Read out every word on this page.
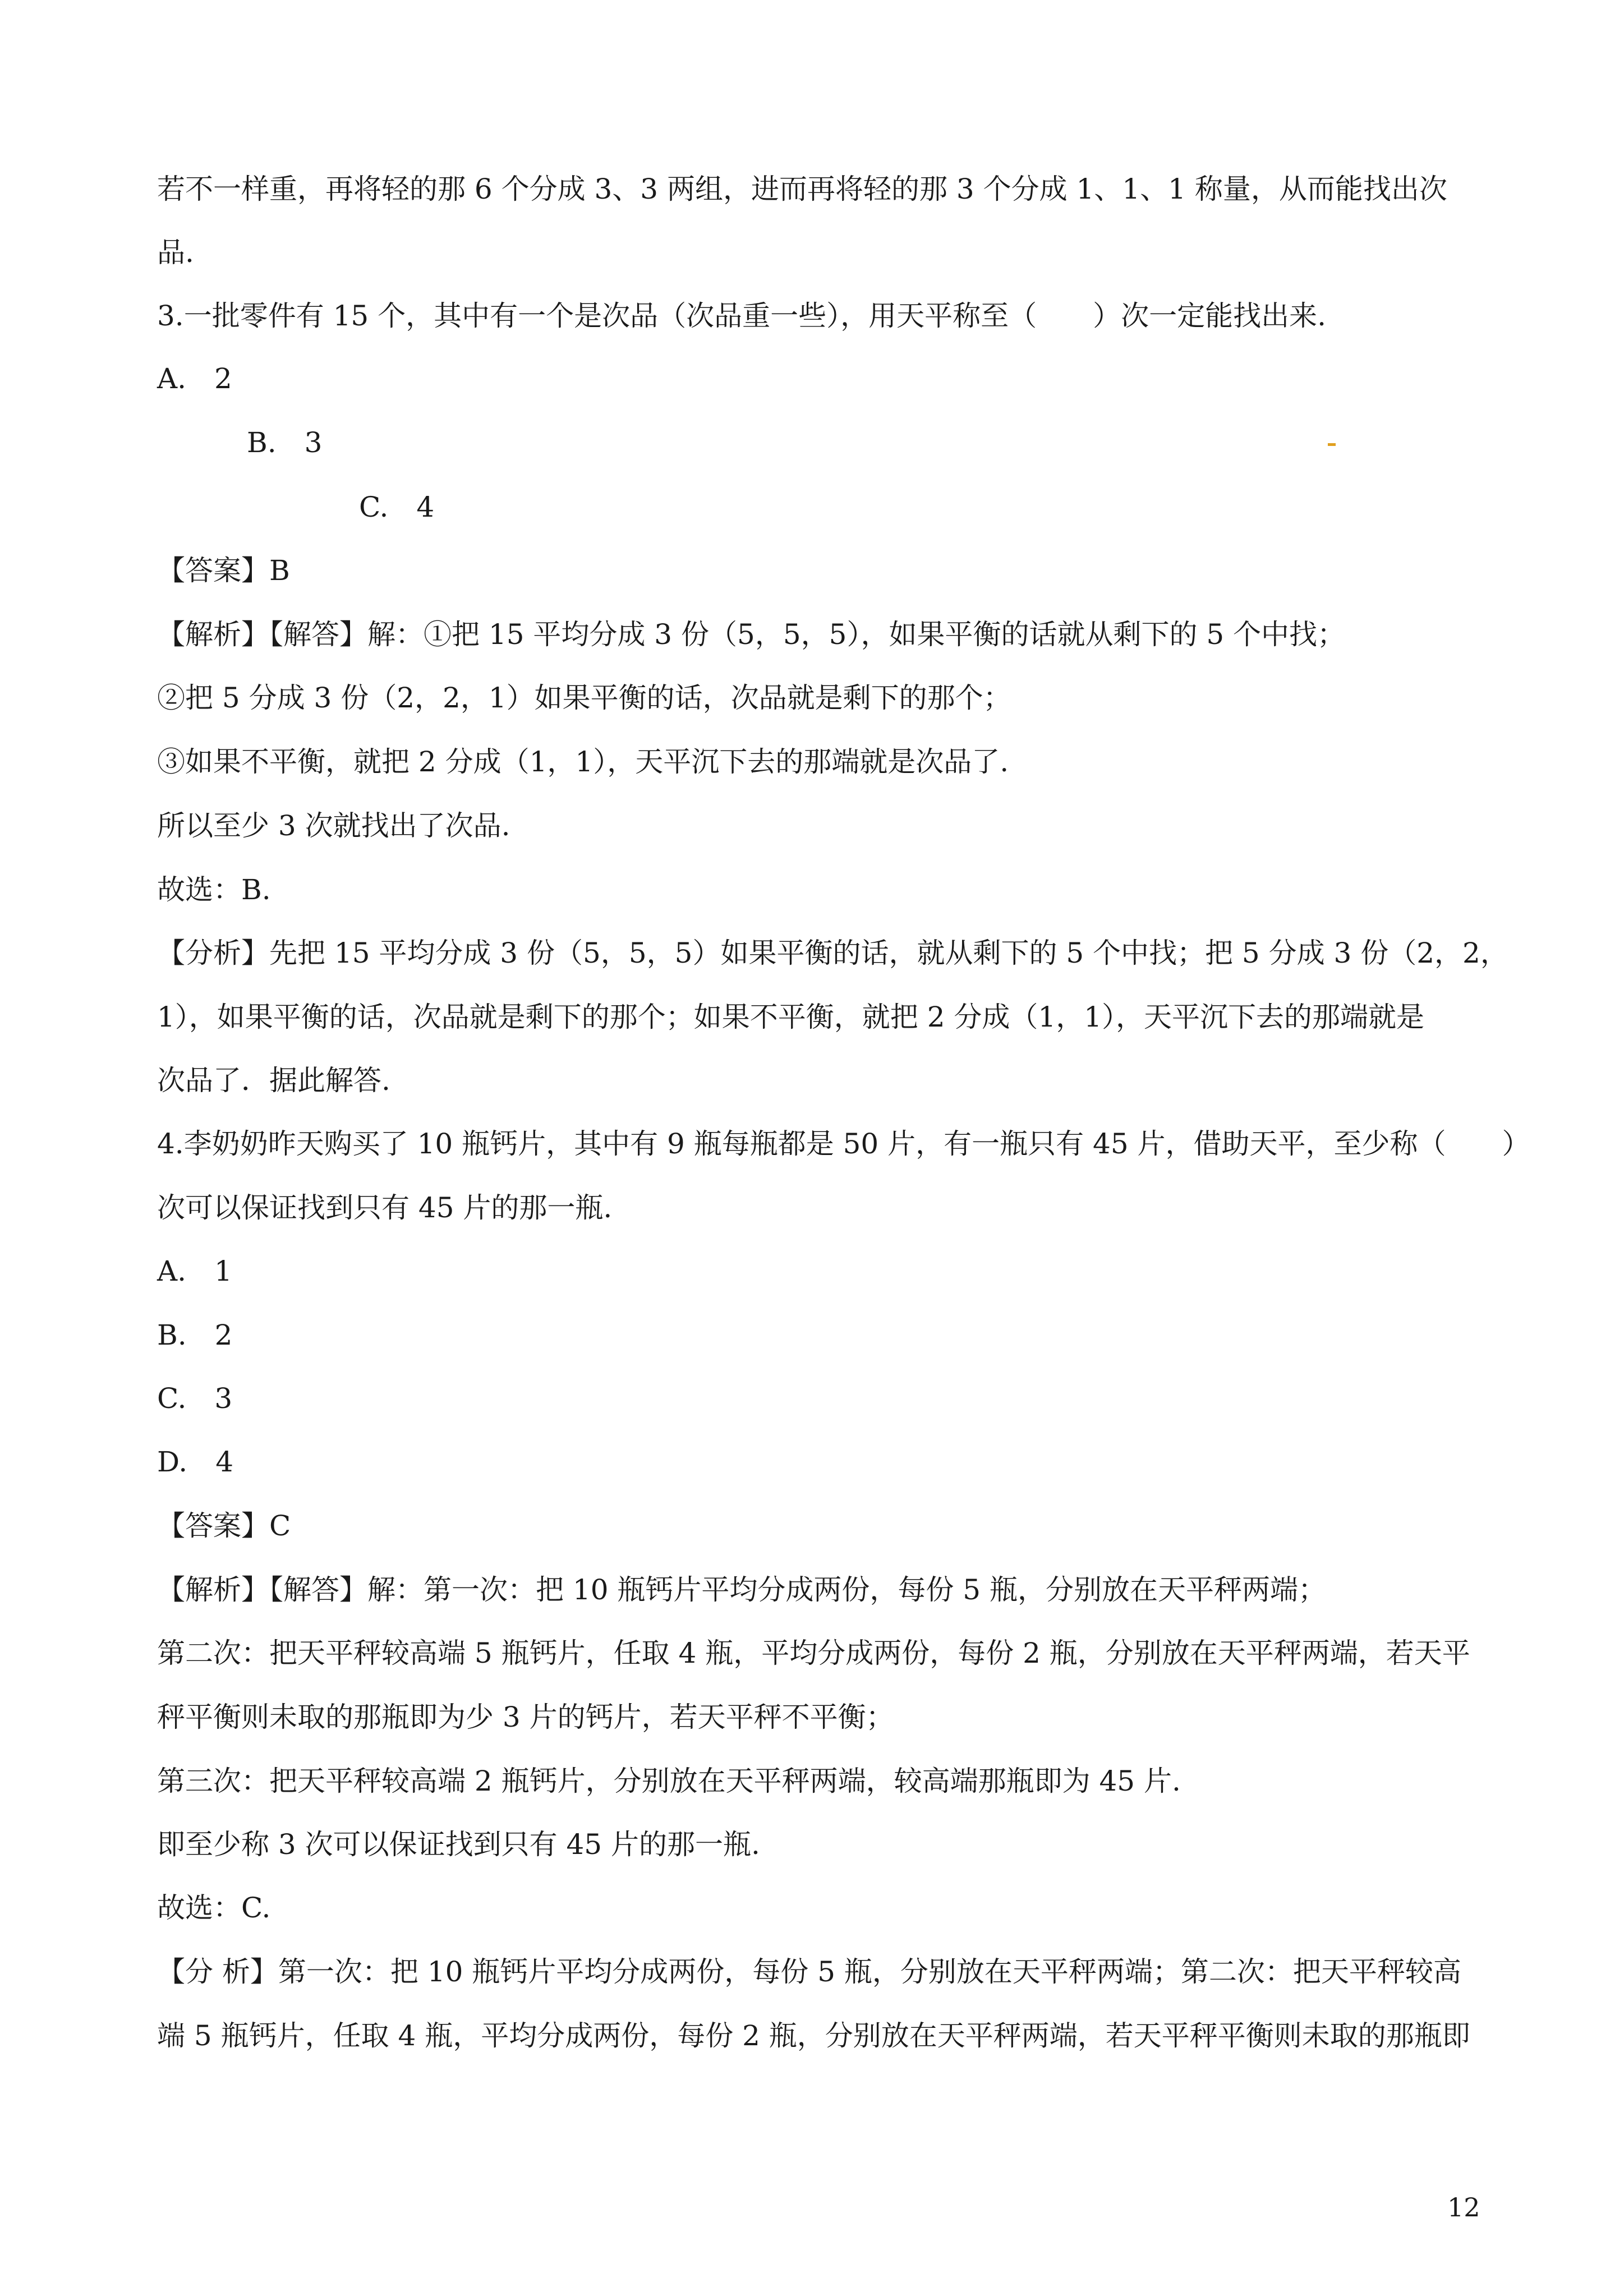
若不一样重，再将轻的那 6 个分成 3、3 两组，进而再将轻的那 3 个分成 1、1、1 称量，从而能找出次
品.
3.一批零件有 15 个，其中有一个是次品（次品重一些），用天平称至（　　）次一定能找出来.
A.　2
B.　3
C.　4
【答案】B
【解析】【解答】解：①把 15 平均分成 3 份（5，5，5），如果平衡的话就从剩下的 5 个中找；
②把 5 分成 3 份（2，2，1）如果平衡的话，次品就是剩下的那个；
③如果不平衡，就把 2 分成（1，1），天平沉下去的那端就是次品了.
所以至少 3 次就找出了次品.
故选：B.
【分析】先把 15 平均分成 3 份（5，5，5）如果平衡的话，就从剩下的 5 个中找；把 5 分成 3 份（2，2，
1），如果平衡的话，次品就是剩下的那个；如果不平衡，就把 2 分成（1，1），天平沉下去的那端就是
次品了．据此解答.
4.李奶奶昨天购买了 10 瓶钙片，其中有 9 瓶每瓶都是 50 片，有一瓶只有 45 片，借助天平，至少称（　　）
次可以保证找到只有 45 片的那一瓶.
A.　1
B.　2
C.　3
D.　4
【答案】C
【解析】【解答】解：第一次：把 10 瓶钙片平均分成两份，每份 5 瓶，分别放在天平秤两端；
第二次：把天平秤较高端 5 瓶钙片，任取 4 瓶，平均分成两份，每份 2 瓶，分别放在天平秤两端，若天平
秤平衡则未取的那瓶即为少 3 片的钙片，若天平秤不平衡；
第三次：把天平秤较高端 2 瓶钙片，分别放在天平秤两端，较高端那瓶即为 45 片.
即至少称 3 次可以保证找到只有 45 片的那一瓶.
故选：C.
【分 析】第一次：把 10 瓶钙片平均分成两份，每份 5 瓶，分别放在天平秤两端；第二次：把天平秤较高
端 5 瓶钙片，任取 4 瓶，平均分成两份，每份 2 瓶，分别放在天平秤两端，若天平秤平衡则未取的那瓶即
12
